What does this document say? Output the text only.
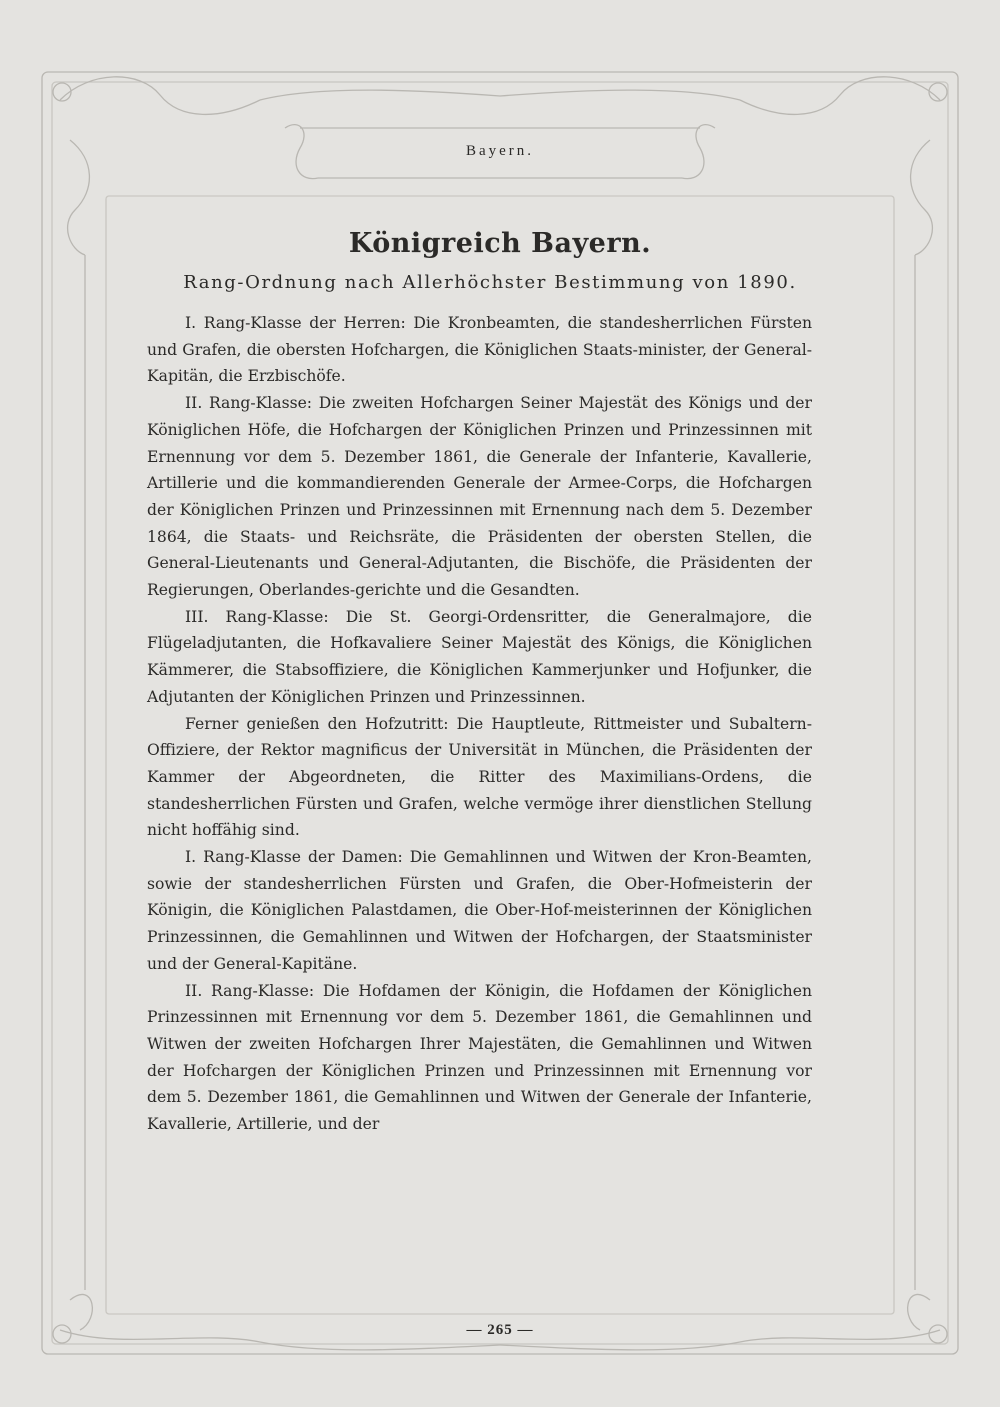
Bayern.
Königreich Bayern.
Rang-Ordnung nach Allerhöchster Bestimmung von 1890.

I. Rang-Klasse der Herren: Die Kronbeamten, die standesherrlichen Fürsten und Grafen, die obersten Hofchargen, die Königlichen Staats-minister, der General-Kapitän, die Erzbischöfe.

II. Rang-Klasse: Die zweiten Hofchargen Seiner Majestät des Königs und der Königlichen Höfe, die Hofchargen der Königlichen Prinzen und Prinzessinnen mit Ernennung vor dem 5. Dezember 1861, die Generale der Infanterie, Kavallerie, Artillerie und die kommandierenden Generale der Armee-Corps, die Hofchargen der Königlichen Prinzen und Prinzessinnen mit Ernennung nach dem 5. Dezember 1864, die Staats- und Reichsräte, die Präsidenten der obersten Stellen, die General-Lieutenants und General-Adjutanten, die Bischöfe, die Präsidenten der Regierungen, Oberlandes-gerichte und die Gesandten.

III. Rang-Klasse: Die St. Georgi-Ordensritter, die Generalmajore, die Flügeladjutanten, die Hofkavaliere Seiner Majestät des Königs, die Königlichen Kämmerer, die Stabsoffiziere, die Königlichen Kammerjunker und Hofjunker, die Adjutanten der Königlichen Prinzen und Prinzessinnen.

Ferner genießen den Hofzutritt: Die Hauptleute, Rittmeister und Subaltern-Offiziere, der Rektor magnificus der Universität in München, die Präsidenten der Kammer der Abgeordneten, die Ritter des Maximilians-Ordens, die standesherrlichen Fürsten und Grafen, welche vermöge ihrer dienstlichen Stellung nicht hoffähig sind.

I. Rang-Klasse der Damen: Die Gemahlinnen und Witwen der Kron-Beamten, sowie der standesherrlichen Fürsten und Grafen, die Ober-Hofmeisterin der Königin, die Königlichen Palastdamen, die Ober-Hof-meisterinnen der Königlichen Prinzessinnen, die Gemahlinnen und Witwen der Hofchargen, der Staatsminister und der General-Kapitäne.

II. Rang-Klasse: Die Hofdamen der Königin, die Hofdamen der Königlichen Prinzessinnen mit Ernennung vor dem 5. Dezember 1861, die Gemahlinnen und Witwen der zweiten Hofchargen Ihrer Majestäten, die Gemahlinnen und Witwen der Hofchargen der Königlichen Prinzen und Prinzessinnen mit Ernennung vor dem 5. Dezember 1861, die Gemahlinnen und Witwen der Generale der Infanterie, Kavallerie, Artillerie, und der

— 265 —
